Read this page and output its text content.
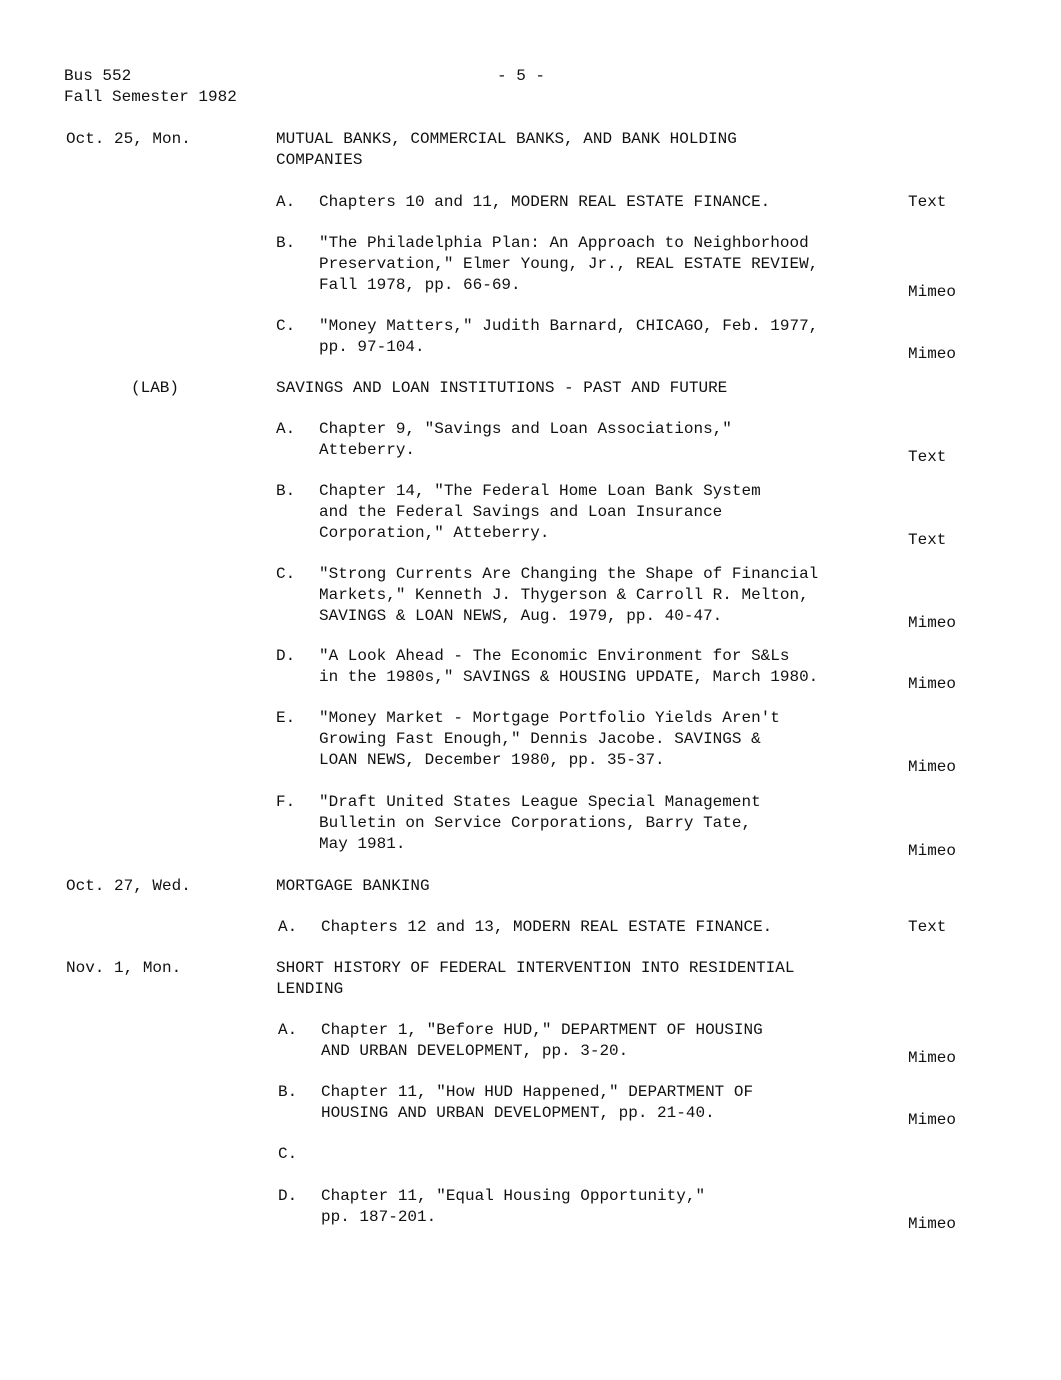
Bus 552
Fall Semester 1982
- 5 -
Oct. 25, Mon.	MUTUAL BANKS, COMMERCIAL BANKS, AND BANK HOLDING
COMPANIES
A.	Chapters 10 and 11, MODERN REAL ESTATE FINANCE.	Text
B.	"The Philadelphia Plan: An Approach to Neighborhood
Preservation," Elmer Young, Jr., REAL ESTATE REVIEW,
Fall 1978, pp. 66-69.	Mimeo
C.	"Money Matters," Judith Barnard, CHICAGO, Feb. 1977,
pp. 97-104.	Mimeo
(LAB)	SAVINGS AND LOAN INSTITUTIONS - PAST AND FUTURE
A.	Chapter 9, "Savings and Loan Associations,"
Atteberry.	Text
B.	Chapter 14, "The Federal Home Loan Bank System
and the Federal Savings and Loan Insurance
Corporation," Atteberry.	Text
C.	"Strong Currents Are Changing the Shape of Financial
Markets," Kenneth J. Thygerson & Carroll R. Melton,
SAVINGS & LOAN NEWS, Aug. 1979, pp. 40-47.	Mimeo
D.	"A Look Ahead - The Economic Environment for S&Ls
in the 1980s," SAVINGS & HOUSING UPDATE, March 1980.	Mimeo
E.	"Money Market - Mortgage Portfolio Yields Aren't
Growing Fast Enough," Dennis Jacobe. SAVINGS &
LOAN NEWS, December 1980, pp. 35-37.	Mimeo
F.	"Draft United States League Special Management
Bulletin on Service Corporations, Barry Tate,
May 1981.	Mimeo
Oct. 27, Wed.	MORTGAGE BANKING
A.	Chapters 12 and 13, MODERN REAL ESTATE FINANCE.	Text
Nov. 1, Mon.	SHORT HISTORY OF FEDERAL INTERVENTION INTO RESIDENTIAL
LENDING
A.	Chapter 1, "Before HUD," DEPARTMENT OF HOUSING
AND URBAN DEVELOPMENT, pp. 3-20.	Mimeo
B.	Chapter 11, "How HUD Happened," DEPARTMENT OF
HOUSING AND URBAN DEVELOPMENT, pp. 21-40.	Mimeo
C.
D.	Chapter 11, "Equal Housing Opportunity,"
pp. 187-201.	Mimeo
